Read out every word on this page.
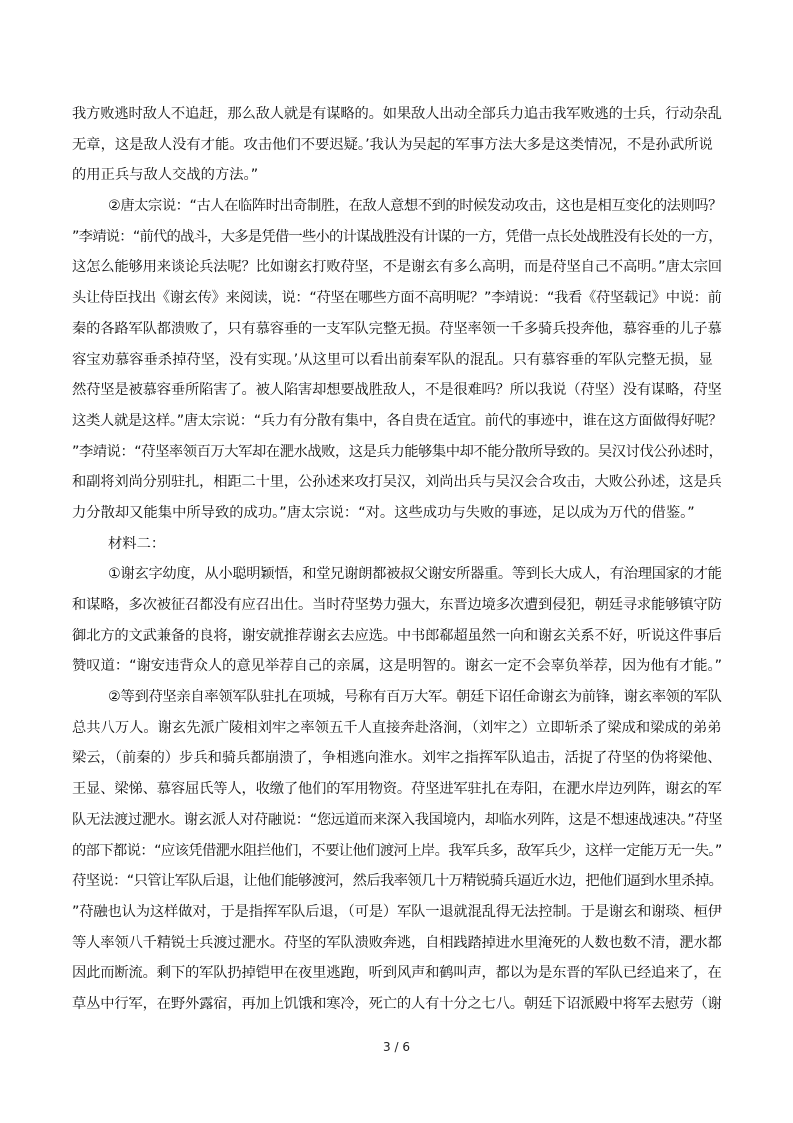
我方败逃时敌人不追赶，那么敌人就是有谋略的。如果敌人出动全部兵力追击我军败逃的士兵，行动杂乱
无章，这是敌人没有才能。攻击他们不要迟疑。’我认为吴起的军事方法大多是这类情况，不是孙武所说
的用正兵与敌人交战的方法。”
②唐太宗说：“古人在临阵时出奇制胜，在敌人意想不到的时候发动攻击，这也是相互变化的法则吗？
”李靖说：“前代的战斗，大多是凭借一些小的计谋战胜没有计谋的一方，凭借一点长处战胜没有长处的一方，
这怎么能够用来谈论兵法呢？比如谢玄打败苻坚，不是谢玄有多么高明，而是苻坚自己不高明。”唐太宗回
头让侍臣找出《谢玄传》来阅读，说：“苻坚在哪些方面不高明呢？”李靖说：“我看《苻坚载记》中说：前
秦的各路军队都溃败了，只有慕容垂的一支军队完整无损。苻坚率领一千多骑兵投奔他，慕容垂的儿子慕
容宝劝慕容垂杀掉苻坚，没有实现。’从这里可以看出前秦军队的混乱。只有慕容垂的军队完整无损，显
然苻坚是被慕容垂所陷害了。被人陷害却想要战胜敌人，不是很难吗？所以我说（苻坚）没有谋略，苻坚
这类人就是这样。”唐太宗说：“兵力有分散有集中，各自贵在适宜。前代的事迹中，谁在这方面做得好呢？
”李靖说：“苻坚率领百万大军却在淝水战败，这是兵力能够集中却不能分散所导致的。吴汉讨伐公孙述时，
和副将刘尚分别驻扎，相距二十里，公孙述来攻打吴汉，刘尚出兵与吴汉会合攻击，大败公孙述，这是兵
力分散却又能集中所导致的成功。”唐太宗说：“对。这些成功与失败的事迹，足以成为万代的借鉴。”
材料二：
①谢玄字幼度，从小聪明颖悟，和堂兄谢朗都被叔父谢安所器重。等到长大成人，有治理国家的才能
和谋略，多次被征召都没有应召出仕。当时苻坚势力强大，东晋边境多次遭到侵犯，朝廷寻求能够镇守防
御北方的文武兼备的良将，谢安就推荐谢玄去应选。中书郎郗超虽然一向和谢玄关系不好，听说这件事后
赞叹道：“谢安违背众人的意见举荐自己的亲属，这是明智的。谢玄一定不会辜负举荐，因为他有才能。”
②等到苻坚亲自率领军队驻扎在项城，号称有百万大军。朝廷下诏任命谢玄为前锋，谢玄率领的军队
总共八万人。谢玄先派广陵相刘牢之率领五千人直接奔赴洛涧，（刘牢之）立即斩杀了梁成和梁成的弟弟
梁云，（前秦的）步兵和骑兵都崩溃了，争相逃向淮水。刘牢之指挥军队追击，活捉了苻坚的伪将梁他、
王显、梁悌、慕容屈氏等人，收缴了他们的军用物资。苻坚进军驻扎在寿阳，在淝水岸边列阵，谢玄的军
队无法渡过淝水。谢玄派人对苻融说：“您远道而来深入我国境内，却临水列阵，这是不想速战速决。”苻坚
的部下都说：“应该凭借淝水阻拦他们，不要让他们渡河上岸。我军兵多，敌军兵少，这样一定能万无一失。”
苻坚说：“只管让军队后退，让他们能够渡河，然后我率领几十万精锐骑兵逼近水边，把他们逼到水里杀掉。
”苻融也认为这样做对，于是指挥军队后退，（可是）军队一退就混乱得无法控制。于是谢玄和谢琰、桓伊
等人率领八千精锐士兵渡过淝水。苻坚的军队溃败奔逃，自相践踏掉进水里淹死的人数也数不清，淝水都
因此而断流。剩下的军队扔掉铠甲在夜里逃跑，听到风声和鹤叫声，都以为是东晋的军队已经追来了，在
草丛中行军，在野外露宿，再加上饥饿和寒冷，死亡的人有十分之七八。朝廷下诏派殿中将军去慰劳（谢
3 / 6
